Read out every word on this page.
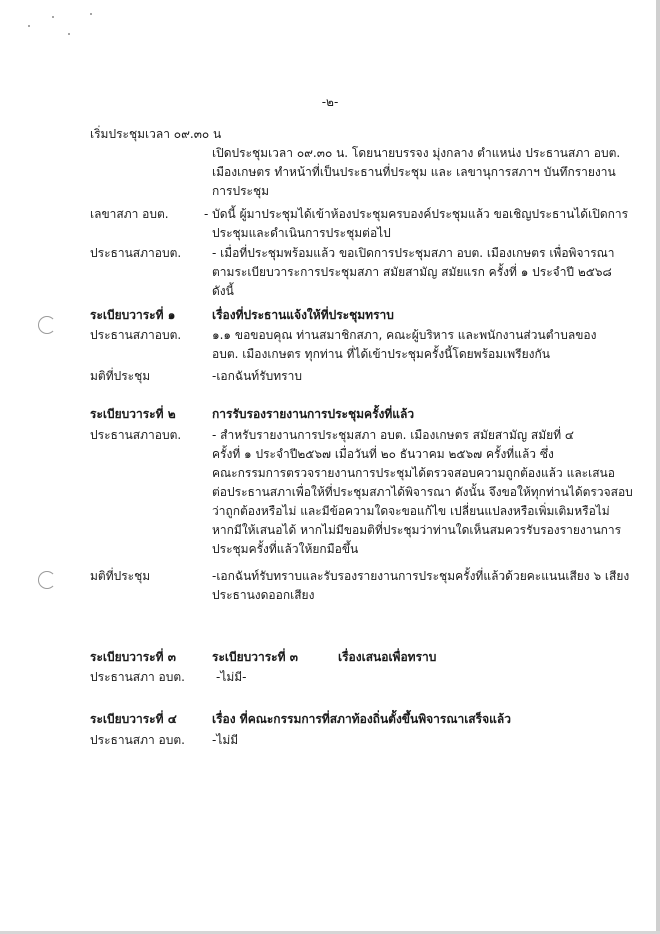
-๒-
เริ่มประชุมเวลา ๐๙.๓๐ น
เปิดประชุมเวลา ๐๙.๓๐ น. โดยนายบรรจง มุ่งกลาง ตำแหน่ง ประธานสภา อบต.
เมืองเกษตร ทำหน้าที่เป็นประธานที่ประชุม และ เลขานุการสภาฯ บันทึกรายงาน
การประชุม
เลขาสภา อบต.	- บัดนี้ ผู้มาประชุมได้เข้าห้องประชุมครบองค์ประชุมแล้ว ขอเชิญประธานได้เปิดการ
ประชุมและดำเนินการประชุมต่อไป
ประธานสภาอบต.	- เมื่อที่ประชุมพร้อมแล้ว ขอเปิดการประชุมสภา อบต. เมืองเกษตร เพื่อพิจารณา
ตามระเบียบวาระการประชุมสภา สมัยสามัญ สมัยแรก ครั้งที่ ๑ ประจำปี ๒๕๖๘
ดังนี้
ระเบียบวาระที่ ๑	เรื่องที่ประธานแจ้งให้ที่ประชุมทราบ
ประธานสภาอบต.	๑.๑ ขอขอบคุณ ท่านสมาชิกสภา, คณะผู้บริหาร และพนักงานส่วนตำบลของ
อบต. เมืองเกษตร ทุกท่าน ที่ได้เข้าประชุมครั้งนี้โดยพร้อมเพรียงกัน
มติที่ประชุม	-เอกฉันท์รับทราบ
ระเบียบวาระที่ ๒	การรับรองรายงานการประชุมครั้งที่แล้ว
ประธานสภาอบต.	- สำหรับรายงานการประชุมสภา อบต. เมืองเกษตร สมัยสามัญ สมัยที่ ๔
ครั้งที่ ๑ ประจำปี๒๕๖๗ เมื่อวันที่ ๒๐ ธันวาคม ๒๕๖๗ ครั้งที่แล้ว ซึ่ง
คณะกรรมการตรวจรายงานการประชุมได้ตรวจสอบความถูกต้องแล้ว และเสนอ
ต่อประธานสภาเพื่อให้ที่ประชุมสภาได้พิจารณา ดังนั้น จึงขอให้ทุกท่านได้ตรวจสอบ
ว่าถูกต้องหรือไม่ และมีข้อความใดจะขอแก้ไข เปลี่ยนแปลงหรือเพิ่มเติมหรือไม่
หากมีให้เสนอได้ หากไม่มีขอมติที่ประชุมว่าท่านใดเห็นสมควรรับรองรายงานการ
ประชุมครั้งที่แล้วให้ยกมือขึ้น
มติที่ประชุม	-เอกฉันท์รับทราบและรับรองรายงานการประชุมครั้งที่แล้วด้วยคะแนนเสียง ๖ เสียง
ประธานงดออกเสียง
ระเบียบวาระที่ ๓	ระเบียบวาระที่ ๓	เรื่องเสนอเพื่อทราบ
ประธานสภา อบต.	-ไม่มี-
ระเบียบวาระที่ ๔	เรื่อง ที่คณะกรรมการที่สภาท้องถิ่นตั้งขึ้นพิจารณาเสร็จแล้ว
ประธานสภา อบต. -ไม่มี
